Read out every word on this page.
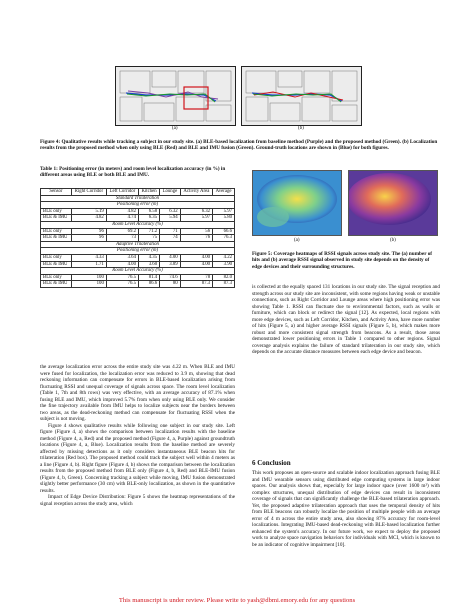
(a)	(b)
Figure 4: Qualitative results while tracking a subject in our study site. (a) BLE-based localization from baseline method (Purple) and the proposed method (Green). (b) Localization results from the proposed method when only using BLE (Red) and BLE and IMU fusion (Green). Ground-truth locations are shown in (Blue) for both figures.
Table 1: Positioning error (in meters) and room level localization accuracy (in %) in different areas using BLE or both BLE and IMU.
Sensor	Right Corridor	Left Corridor	Kitchen	Lounge	Activity Area	Average
Standard Trilateration						
Positioning error (m)						
BLE only	5.19	4.82	6.58	6.32	6.32	5.97
BLE & IMU	4.82	4.74	6.35	5.94	5.97	5.80
Room Level Accuracy (%)						
BLE only	96	69.2	71.2	71	56	66.6
BLE & IMU	96	73	75	74	76	76.3
Adaptive Trilateration						
Positioning error (m)						
BLE only	4.33	3.64	4.35	4.00	4.00	4.22
BLE & IMU	1.71	4.00	3.60	3.89	4.00	3.90
Room Level Accuracy (%)						
BLE only	100	76.5	81.4	74.6	78	82.0
BLE & IMU	100	76.5	86.6	80	87.3	87.3
(a)	(b)
Figure 5: Coverage heatmaps of RSSI signals across study site. The (a) number of hits and (b) average RSSI signal observed in study site depends on the density of edge devices and their surrounding structures.

the average localization error across the entire study site was 4.22 m. When BLE and IMU were fused for localization, the localization error was reduced to 3.9 m, showing that dead reckoning information can compensate for errors in BLE-based localization arising from fluctuating RSSI and unequal coverage of signals across space. The room level localization (Table 1, 7th and 8th rows) was very effective, with an average accuracy of 87.1% when fusing BLE and IMU, which improved 5.7% from when only using BLE only. We consider the fine trajectory available from IMU helps to localize subjects near the borders between two areas, as the dead-reckoning method can compensate for fluctuating RSSI when the subject is not moving.

Figure 4 shows qualitative results while following one subject in our study site. Left figure (Figure 4, a) shows the comparison between localization results with the baseline method (Figure 4, a, Red) and the proposed method (Figure 4, a, Purple) against groundtruth locations (Figure 4, a, Blue). Localization results from the baseline method are severely affected by missing detections as it only considers instantaneous BLE beacon hits for trilateration (Red box). The proposed method could track the subject well within 4 meters as a line (Figure 4, b). Right figure (Figure 4, b) shows the comparison between the localization results from the proposed method from BLE only (Figure 4, b, Red) and BLE-IMU fusion (Figure 4, b, Green). Concerning tracking a subject while moving, IMU fusion demonstrated slightly better performance (30 cm) with BLE-only localization, as shown in the quantitative results.

Impact of Edge Device Distribution: Figure 5 shows the heatmap representations of the signal reception across the study area, which

is collected at the equally spaced 131 locations in our study site. The signal reception and strength across our study site are inconsistent, with some regions having weak or unstable connections, such as Right Corridor and Lounge areas where high positioning error was showing Table 1. RSSI can fluctuate due to environmental factors, such as walls or furniture, which can block or redirect the signal [12]. As expected, local regions with more edge devices, such as Left Corridor, Kitchen, and Activity Area, have more number of hits (Figure 5, a) and higher average RSSI signals (Figure 5, b), which makes more robust and more consistent signal strength from beacons. As a result, those areas demonstrated lower positioning errors in Table 1 compared to other regions. Signal coverage analysis explains the failure of standard trilateration in our study site, which depends on the accurate distance measures between each edge device and beacon.
6 Conclusion
This work proposes an open-source and scalable indoor localization approach fusing BLE and IMU wearable sensors using distributed edge computing systems in large indoor spaces. Our analysis shows that, especially for large indoor space (over 1600 m²) with complex structures, unequal distribution of edge devices can result in inconsistent coverage of signals that can significantly challenge the BLE-based trilateration approach. Yet, the proposed adaptive trilateration approach that uses the temporal density of hits from BLE beacons can robustly localize the position of multiple people with an average error of 4 m across the entire study area, also showing 87% accuracy for room-level localizations. Integrating IMU-based dead-reckoning with BLE-based localization further enhanced the system's accuracy. In our future work, we expect to deploy the proposed work to analyze space navigation behaviors for individuals with MCI, which is known to be an indicator of cognitive impairment [10].
This manuscript is under review. Please write to yash@dbmi.emory.edu for any questions
